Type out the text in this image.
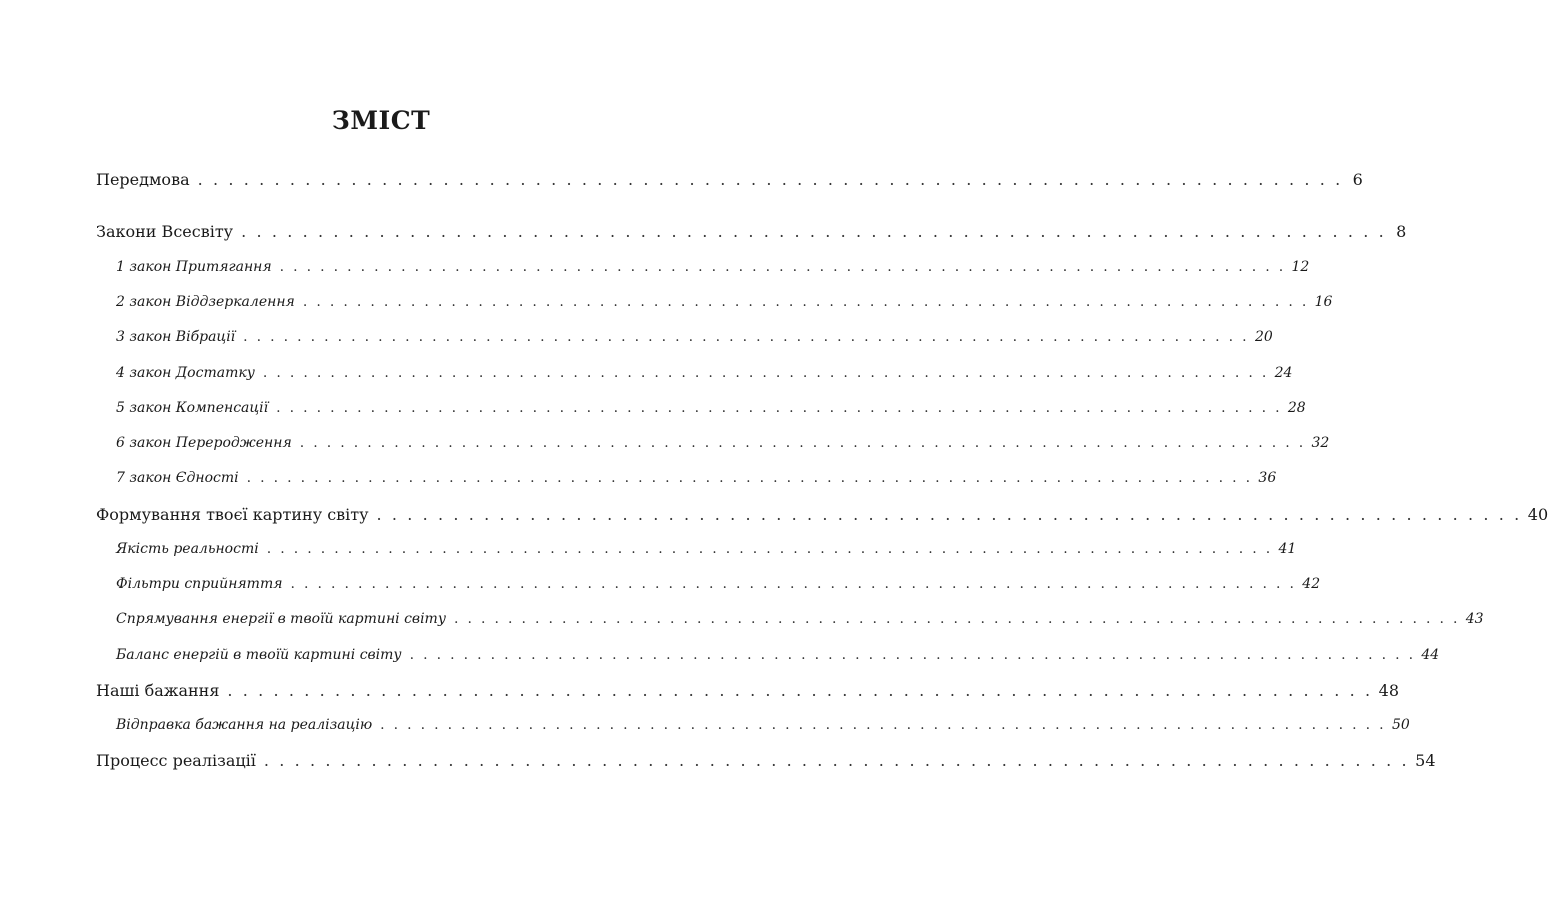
ЗМІСТ
Передмова . . . . . . . . . . . . . . . . . . . . . . . . . . . . . . . . . . . . . . . . . . . . . . . . . . . . . . . . . . . . . . . . . . . . . . . . . . . 6
Закони Всесвіту . . . . . . . . . . . . . . . . . . . . . . . . . . . . . . . . . . . . . . . . . . . . . . . . . . . . . . . . . . . . . . . . . . . . . . . . . . . 8
1 закон Притягання . . . . . . . . . . . . . . . . . . . . . . . . . . . . . . . . . . . . . . . . . . . . . . . . . . . . . . . . . . . . . . . . . . . . . . . . . . . 12
2 закон Віддзеркалення . . . . . . . . . . . . . . . . . . . . . . . . . . . . . . . . . . . . . . . . . . . . . . . . . . . . . . . . . . . . . . . . . . . . . . . . . . . 16
3 закон Вібрації . . . . . . . . . . . . . . . . . . . . . . . . . . . . . . . . . . . . . . . . . . . . . . . . . . . . . . . . . . . . . . . . . . . . . . . . . . . 20
4 закон Достатку . . . . . . . . . . . . . . . . . . . . . . . . . . . . . . . . . . . . . . . . . . . . . . . . . . . . . . . . . . . . . . . . . . . . . . . . . . . 24
5 закон Компенсації . . . . . . . . . . . . . . . . . . . . . . . . . . . . . . . . . . . . . . . . . . . . . . . . . . . . . . . . . . . . . . . . . . . . . . . . . . . 28
6 закон Переродження . . . . . . . . . . . . . . . . . . . . . . . . . . . . . . . . . . . . . . . . . . . . . . . . . . . . . . . . . . . . . . . . . . . . . . . . . . . 32
7 закон Єдності . . . . . . . . . . . . . . . . . . . . . . . . . . . . . . . . . . . . . . . . . . . . . . . . . . . . . . . . . . . . . . . . . . . . . . . . . . . 36
Формування твоєї картину світу . . . . . . . . . . . . . . . . . . . . . . . . . . . . . . . . . . . . . . . . . . . . . . . . . . . . . . . . . . . . . . . . . . . . . . . . . . . 40
Якість реальності . . . . . . . . . . . . . . . . . . . . . . . . . . . . . . . . . . . . . . . . . . . . . . . . . . . . . . . . . . . . . . . . . . . . . . . . . . . 41
Фільтри сприйняття . . . . . . . . . . . . . . . . . . . . . . . . . . . . . . . . . . . . . . . . . . . . . . . . . . . . . . . . . . . . . . . . . . . . . . . . . . . 42
Спрямування енергії в твоїй картині світу . . . . . . . . . . . . . . . . . . . . . . . . . . . . . . . . . . . . . . . . . . . . . . . . . . . . . . . . . . . . . . . . . . . . . . . . . . . 43
Баланс енергій в твоїй картині світу . . . . . . . . . . . . . . . . . . . . . . . . . . . . . . . . . . . . . . . . . . . . . . . . . . . . . . . . . . . . . . . . . . . . . . . . . . . 44
Наші бажання . . . . . . . . . . . . . . . . . . . . . . . . . . . . . . . . . . . . . . . . . . . . . . . . . . . . . . . . . . . . . . . . . . . . . . . . . . . 48
Відправка бажання на реалізацію . . . . . . . . . . . . . . . . . . . . . . . . . . . . . . . . . . . . . . . . . . . . . . . . . . . . . . . . . . . . . . . . . . . . . . . . . . . 50
Процесс реалізації . . . . . . . . . . . . . . . . . . . . . . . . . . . . . . . . . . . . . . . . . . . . . . . . . . . . . . . . . . . . . . . . . . . . . . . . . . . 54
